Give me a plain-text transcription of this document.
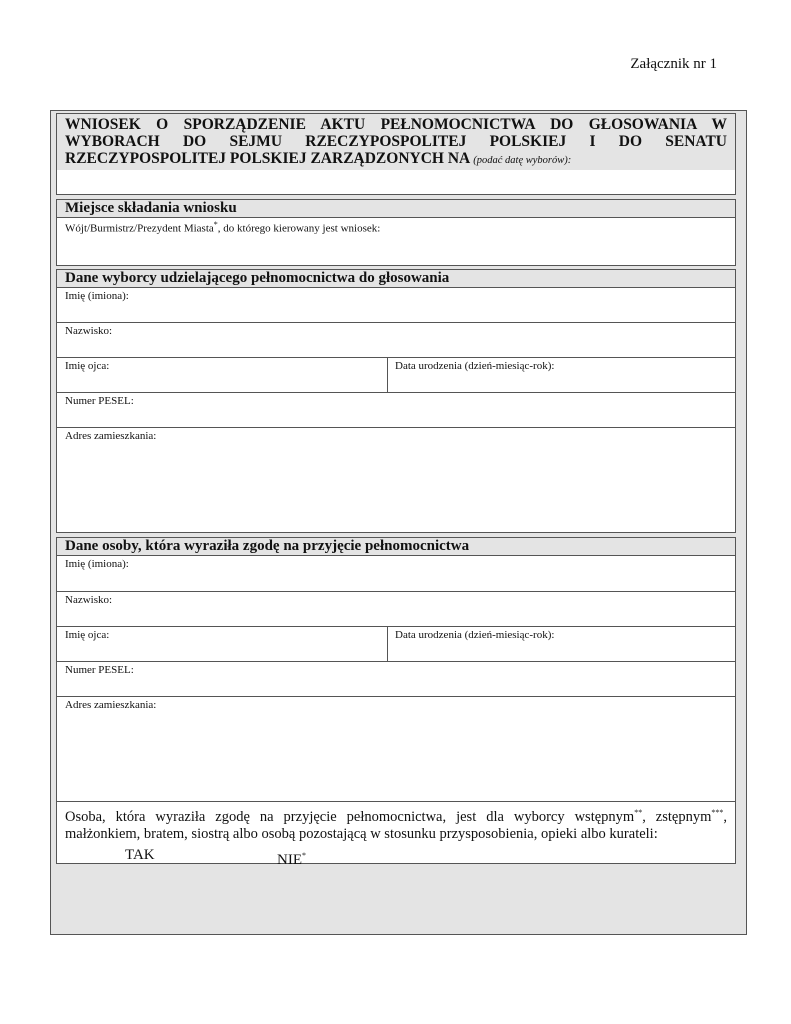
Załącznik nr 1
WNIOSEK O SPORZĄDZENIE AKTU PEŁNOMOCNICTWA DO GŁOSOWANIA W WYBORACH DO SEJMU RZECZYPOSPOLITEJ POLSKIEJ I DO SENATU RZECZYPOSPOLITEJ POLSKIEJ ZARZĄDZONYCH NA (podać datę wyborów):
Miejsce składania wniosku
Wójt/Burmistrz/Prezydent Miasta*, do którego kierowany jest wniosek:
Dane wyborcy udzielającego pełnomocnictwa do głosowania
Imię (imiona):
Nazwisko:
Imię ojca:	Data urodzenia (dzień-miesiąc-rok):
Numer PESEL:
Adres zamieszkania:
Dane osoby, która wyraziła zgodę na przyjęcie pełnomocnictwa
Imię (imiona):
Nazwisko:
Imię ojca:	Data urodzenia (dzień-miesiąc-rok):
Numer PESEL:
Adres zamieszkania:
Osoba, która wyraziła zgodę na przyjęcie pełnomocnictwa, jest dla wyborcy wstępnym**, zstępnym***, małżonkiem, bratem, siostrą albo osobą pozostającą w stosunku przysposobienia, opieki albo kurateli:
TAK	NIE*
